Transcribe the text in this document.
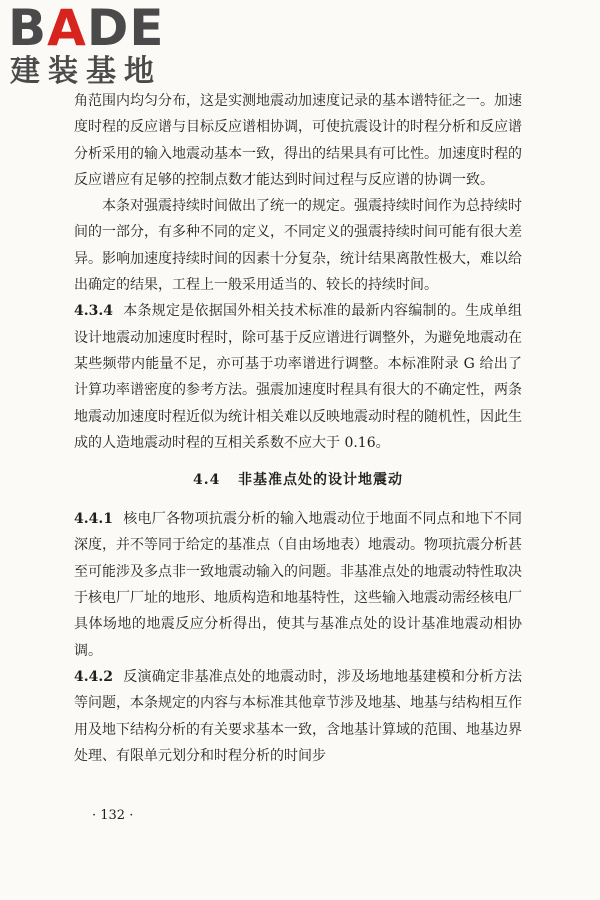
BADE
建装基地

角范围内均匀分布，这是实测地震动加速度记录的基本谱特征之一。加速度时程的反应谱与目标反应谱相协调，可使抗震设计的时程分析和反应谱分析采用的输入地震动基本一致，得出的结果具有可比性。加速度时程的反应谱应有足够的控制点数才能达到时间过程与反应谱的协调一致。

本条对强震持续时间做出了统一的规定。强震持续时间作为总持续时间的一部分，有多种不同的定义，不同定义的强震持续时间可能有很大差异。影响加速度持续时间的因素十分复杂，统计结果离散性极大，难以给出确定的结果，工程上一般采用适当的、较长的持续时间。

4.3.4 本条规定是依据国外相关技术标准的最新内容编制的。生成单组设计地震动加速度时程时，除可基于反应谱进行调整外，为避免地震动在某些频带内能量不足，亦可基于功率谱进行调整。本标准附录 G 给出了计算功率谱密度的参考方法。强震加速度时程具有很大的不确定性，两条地震动加速度时程近似为统计相关难以反映地震动时程的随机性，因此生成的人造地震动时程的互相关系数不应大于 0.16。

4.4 非基准点处的设计地震动

4.4.1 核电厂各物项抗震分析的输入地震动位于地面不同点和地下不同深度，并不等同于给定的基准点（自由场地表）地震动。物项抗震分析甚至可能涉及多点非一致地震动输入的问题。非基准点处的地震动特性取决于核电厂厂址的地形、地质构造和地基特性，这些输入地震动需经核电厂具体场地的地震反应分析得出，使其与基准点处的设计基准地震动相协调。

4.4.2 反演确定非基准点处的地震动时，涉及场地地基建模和分析方法等问题，本条规定的内容与本标准其他章节涉及地基、地基与结构相互作用及地下结构分析的有关要求基本一致，含地基计算域的范围、地基边界处理、有限单元划分和时程分析的时间步

· 132 ·
